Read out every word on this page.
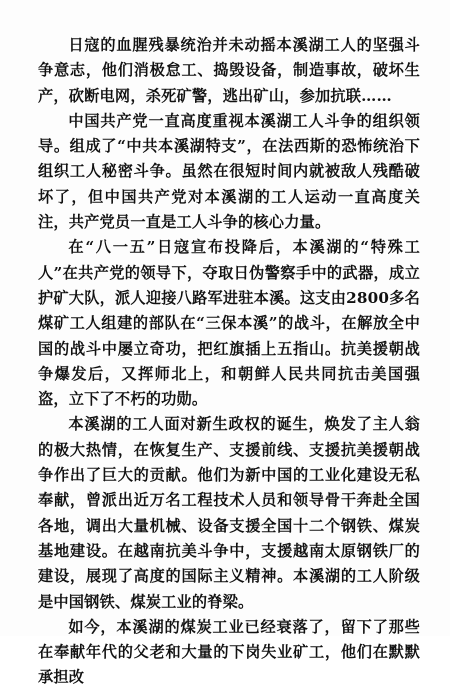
日寇的血腥残暴统治并未动摇本溪湖工人的坚强斗争意志，他们消极怠工、捣毁设备，制造事故，破坏生产，砍断电网，杀死矿警，逃出矿山，参加抗联……

中国共产党一直高度重视本溪湖工人斗争的组织领导。组成了“中共本溪湖特支”，在法西斯的恐怖统治下组织工人秘密斗争。虽然在很短时间内就被敌人残酷破坏了，但中国共产党对本溪湖的工人运动一直高度关注，共产党员一直是工人斗争的核心力量。

在“八一五”日寇宣布投降后，本溪湖的“特殊工人”在共产党的领导下，夺取日伪警察手中的武器，成立护矿大队，派人迎接八路军进驻本溪。这支由2800多名煤矿工人组建的部队在“三保本溪”的战斗，在解放全中国的战斗中屡立奇功，把红旗插上五指山。抗美援朝战争爆发后，又挥师北上，和朝鲜人民共同抗击美国强盗，立下了不朽的功勋。

本溪湖的工人面对新生政权的诞生，焕发了主人翁的极大热情，在恢复生产、支援前线、支援抗美援朝战争作出了巨大的贡献。他们为新中国的工业化建设无私奉献，曾派出近万名工程技术人员和领导骨干奔赴全国各地，调出大量机械、设备支援全国十二个钢铁、煤炭基地建设。在越南抗美斗争中，支援越南太原钢铁厂的建设，展现了高度的国际主义精神。本溪湖的工人阶级是中国钢铁、煤炭工业的脊梁。

如今，本溪湖的煤炭工业已经衰落了，留下了那些在奉献年代的父老和大量的下岗失业矿工，他们在默默承担改
